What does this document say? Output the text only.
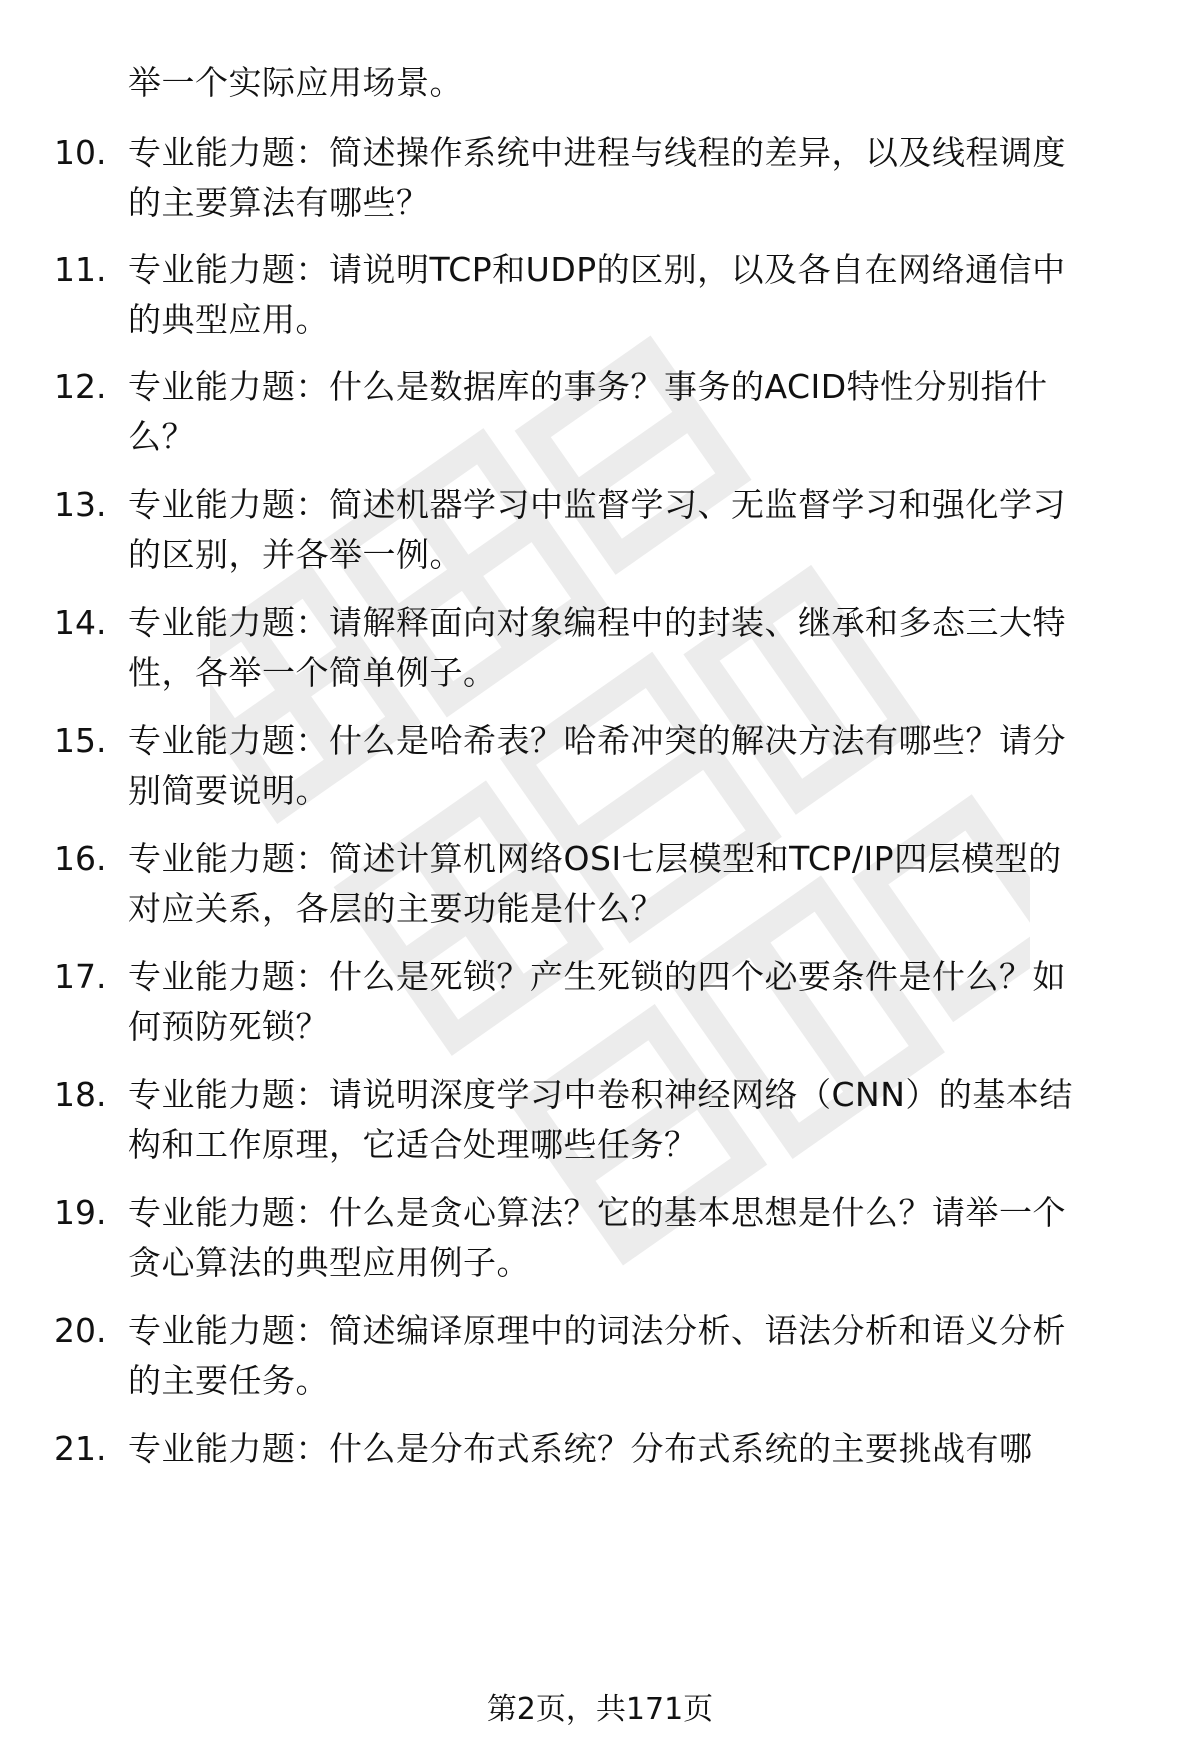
举一个实际应用场景。
10. 专业能力题：简述操作系统中进程与线程的差异，以及线程调度
的主要算法有哪些？
11. 专业能力题：请说明TCP和UDP的区别，以及各自在网络通信中
的典型应用。
12. 专业能力题：什么是数据库的事务？事务的ACID特性分别指什
么？
13. 专业能力题：简述机器学习中监督学习、无监督学习和强化学习
的区别，并各举一例。
14. 专业能力题：请解释面向对象编程中的封装、继承和多态三大特
性，各举一个简单例子。
15. 专业能力题：什么是哈希表？哈希冲突的解决方法有哪些？请分
别简要说明。
16. 专业能力题：简述计算机网络OSI七层模型和TCP/IP四层模型的
对应关系，各层的主要功能是什么？
17. 专业能力题：什么是死锁？产生死锁的四个必要条件是什么？如
何预防死锁？
18. 专业能力题：请说明深度学习中卷积神经网络（CNN）的基本结
构和工作原理，它适合处理哪些任务？
19. 专业能力题：什么是贪心算法？它的基本思想是什么？请举一个
贪心算法的典型应用例子。
20. 专业能力题：简述编译原理中的词法分析、语法分析和语义分析
的主要任务。
21. 专业能力题：什么是分布式系统？分布式系统的主要挑战有哪
第2页，共171页
